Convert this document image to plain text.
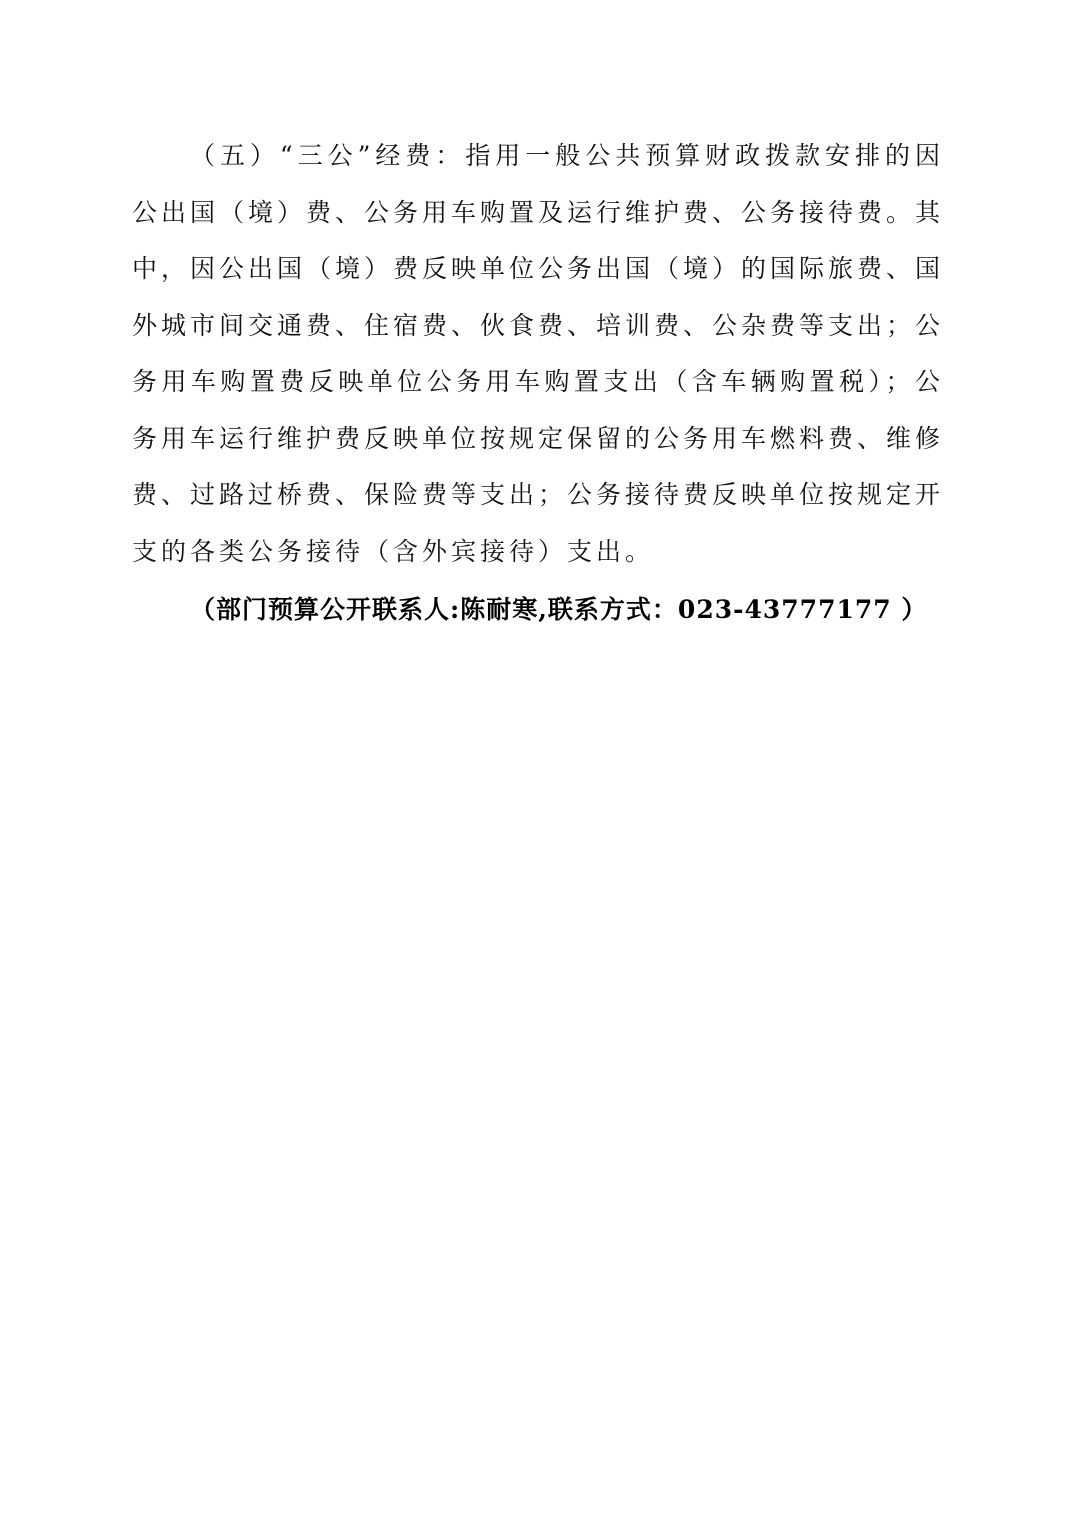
（五）“三公”经费：指用一般公共预算财政拨款安排的因公出国（境）费、公务用车购置及运行维护费、公务接待费。其中，因公出国（境）费反映单位公务出国（境）的国际旅费、国外城市间交通费、住宿费、伙食费、培训费、公杂费等支出；公务用车购置费反映单位公务用车购置支出（含车辆购置税）；公务用车运行维护费反映单位按规定保留的公务用车燃料费、维修费、过路过桥费、保险费等支出；公务接待费反映单位按规定开支的各类公务接待（含外宾接待）支出。

（部门预算公开联系人:陈耐寒,联系方式：023-43777177 ）
